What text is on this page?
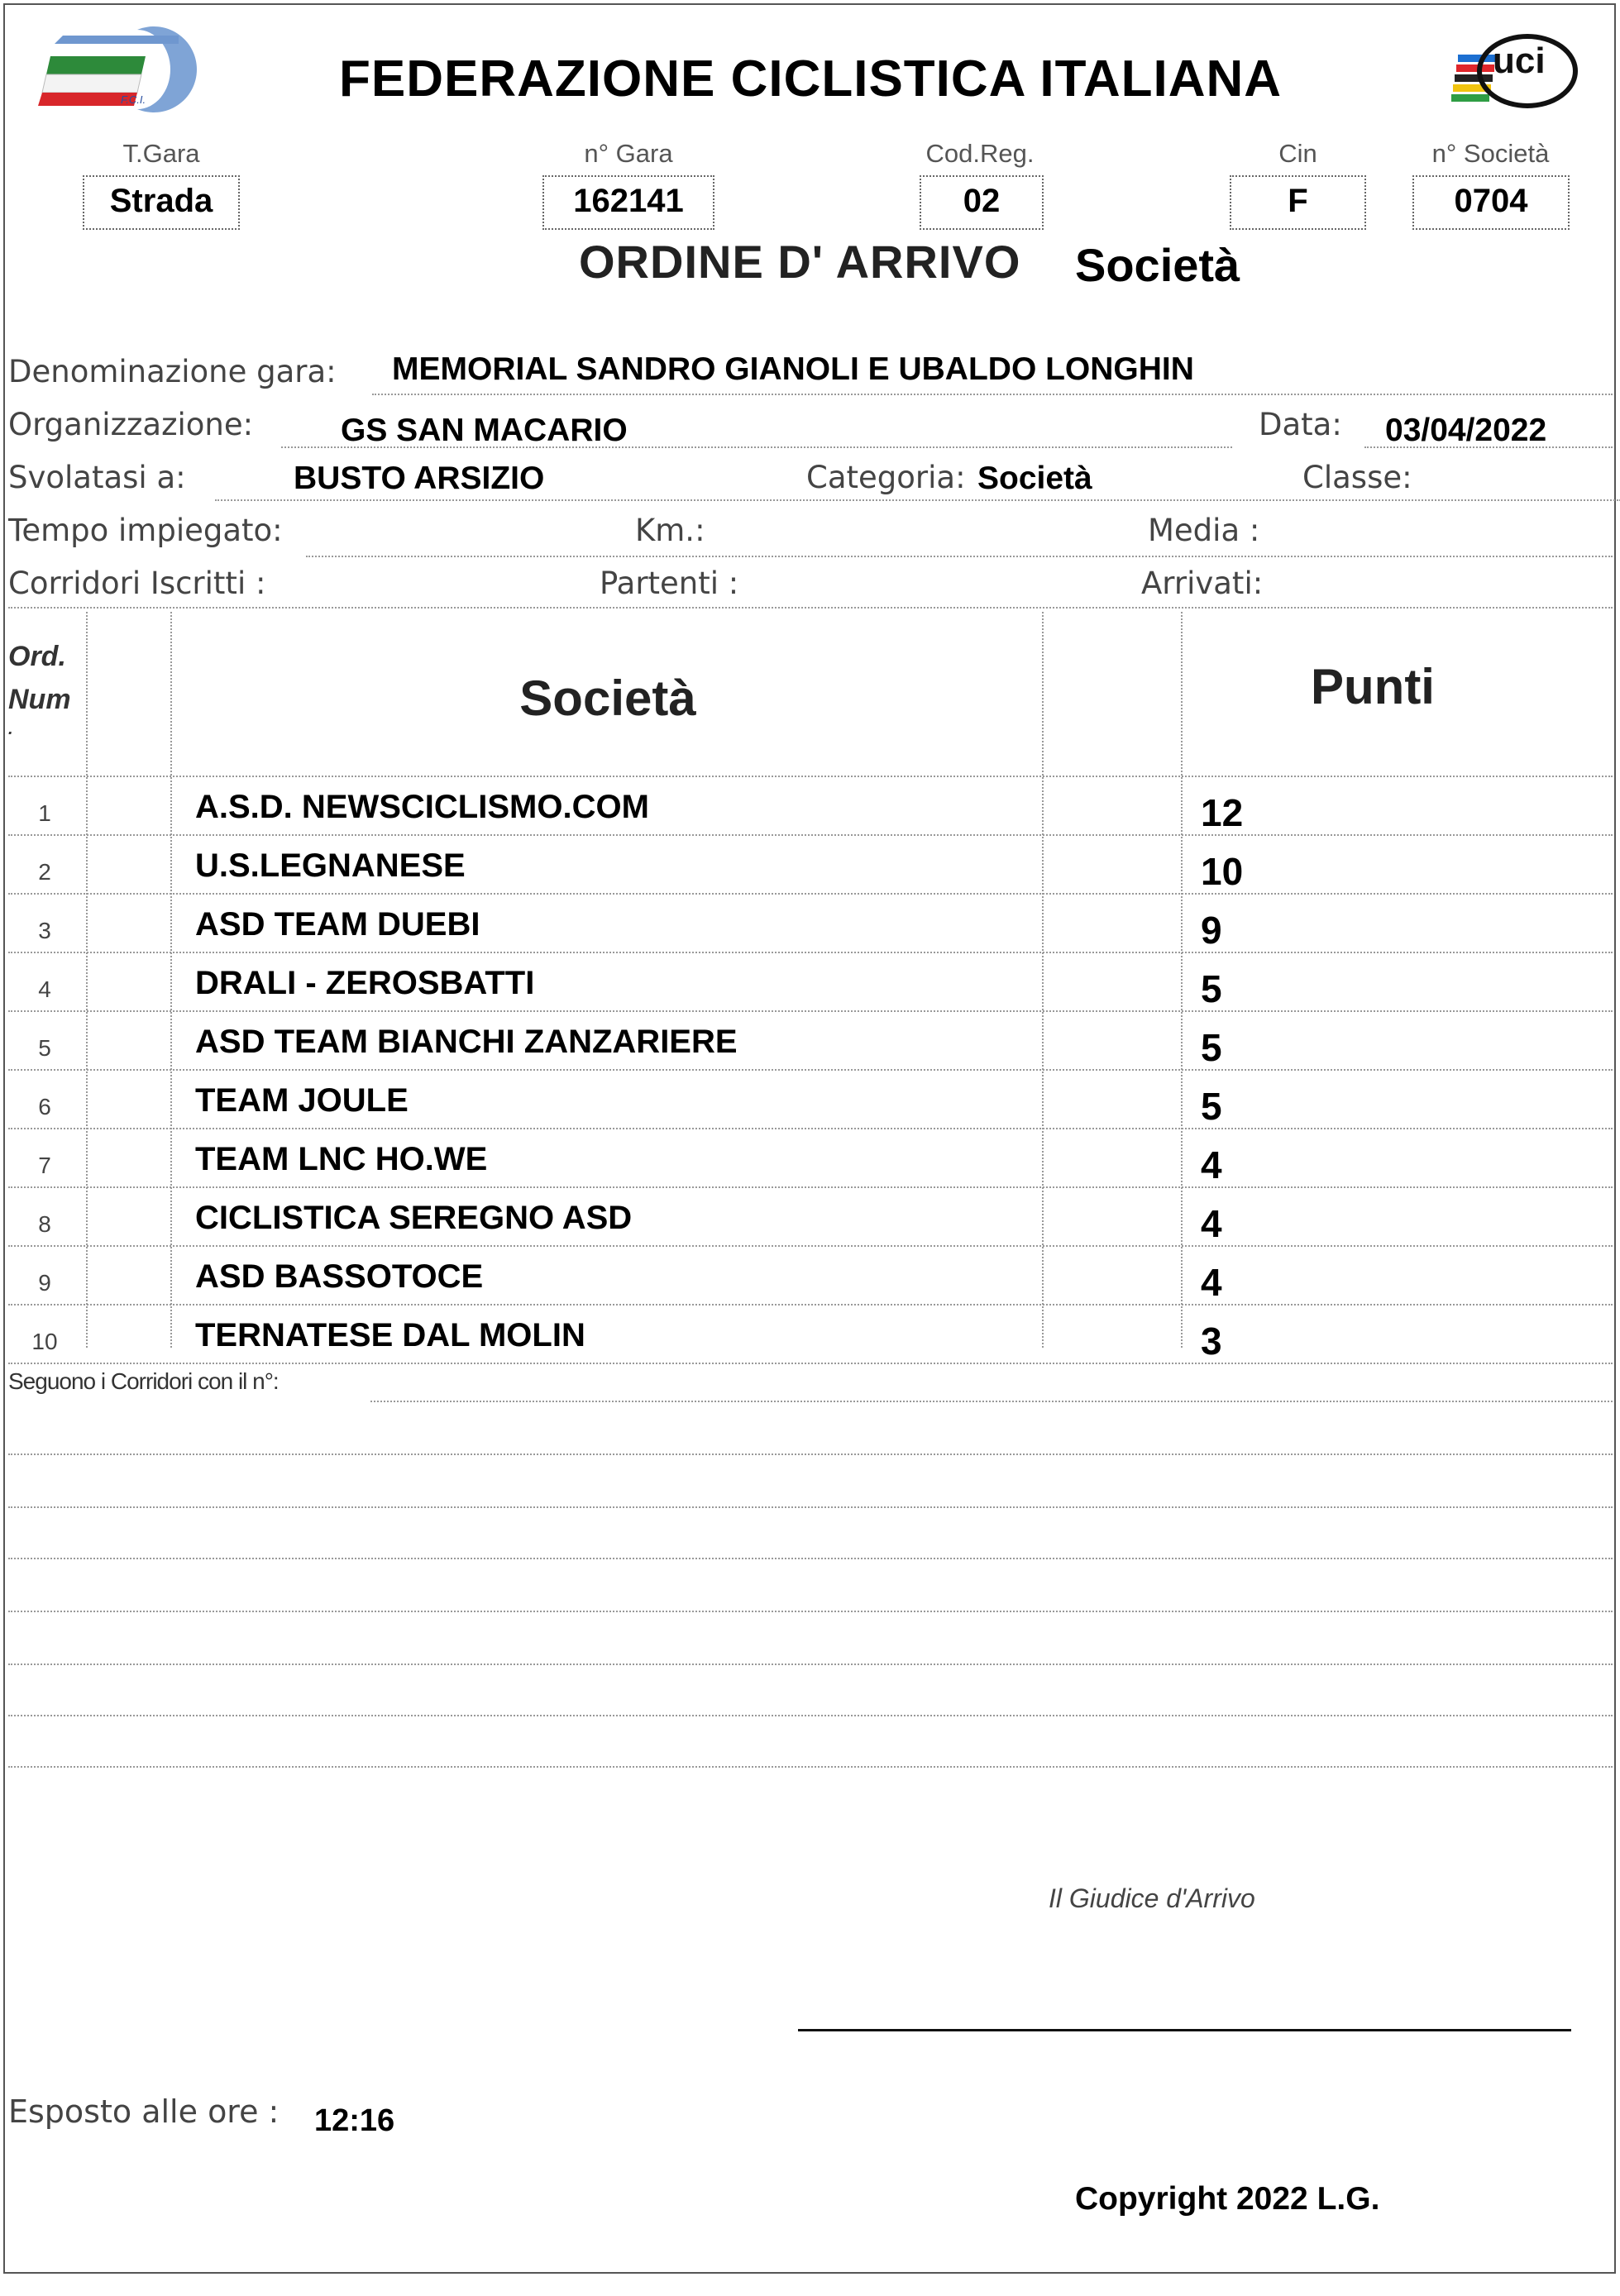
F.C.I.
uci
FEDERAZIONE CICLISTICA ITALIANA
T.Gara
Strada
n° Gara
162141
Cod.Reg.
02
Cin
F
n° Società
0704
ORDINE D' ARRIVO Società
Denominazione gara: MEMORIAL SANDRO GIANOLI E UBALDO LONGHIN
Organizzazione:	GS SAN MACARIO	Data: 03/04/2022
Svolatasi a:	BUSTO ARSIZIO	Categoria: Società	Classe:
Tempo impiegato:	Km.:	Media :
Corridori Iscritti :	Partenti :	Arrivati:
Ord.
Num
.
Società	Punti
1	A.S.D. NEWSCICLISMO.COM	12
2	U.S.LEGNANESE	10
3	ASD TEAM DUEBI	9
4	DRALI - ZEROSBATTI	5
5	ASD TEAM BIANCHI ZANZARIERE	5
6	TEAM JOULE	5
7	TEAM LNC HO.WE	4
8	CICLISTICA SEREGNO ASD	4
9	ASD BASSOTOCE	4
10	TERNATESE DAL MOLIN	3
Seguono i Corridori con il n°:
Il Giudice d'Arrivo
Esposto alle ore : 12:16
Copyright 2022 L.G.
